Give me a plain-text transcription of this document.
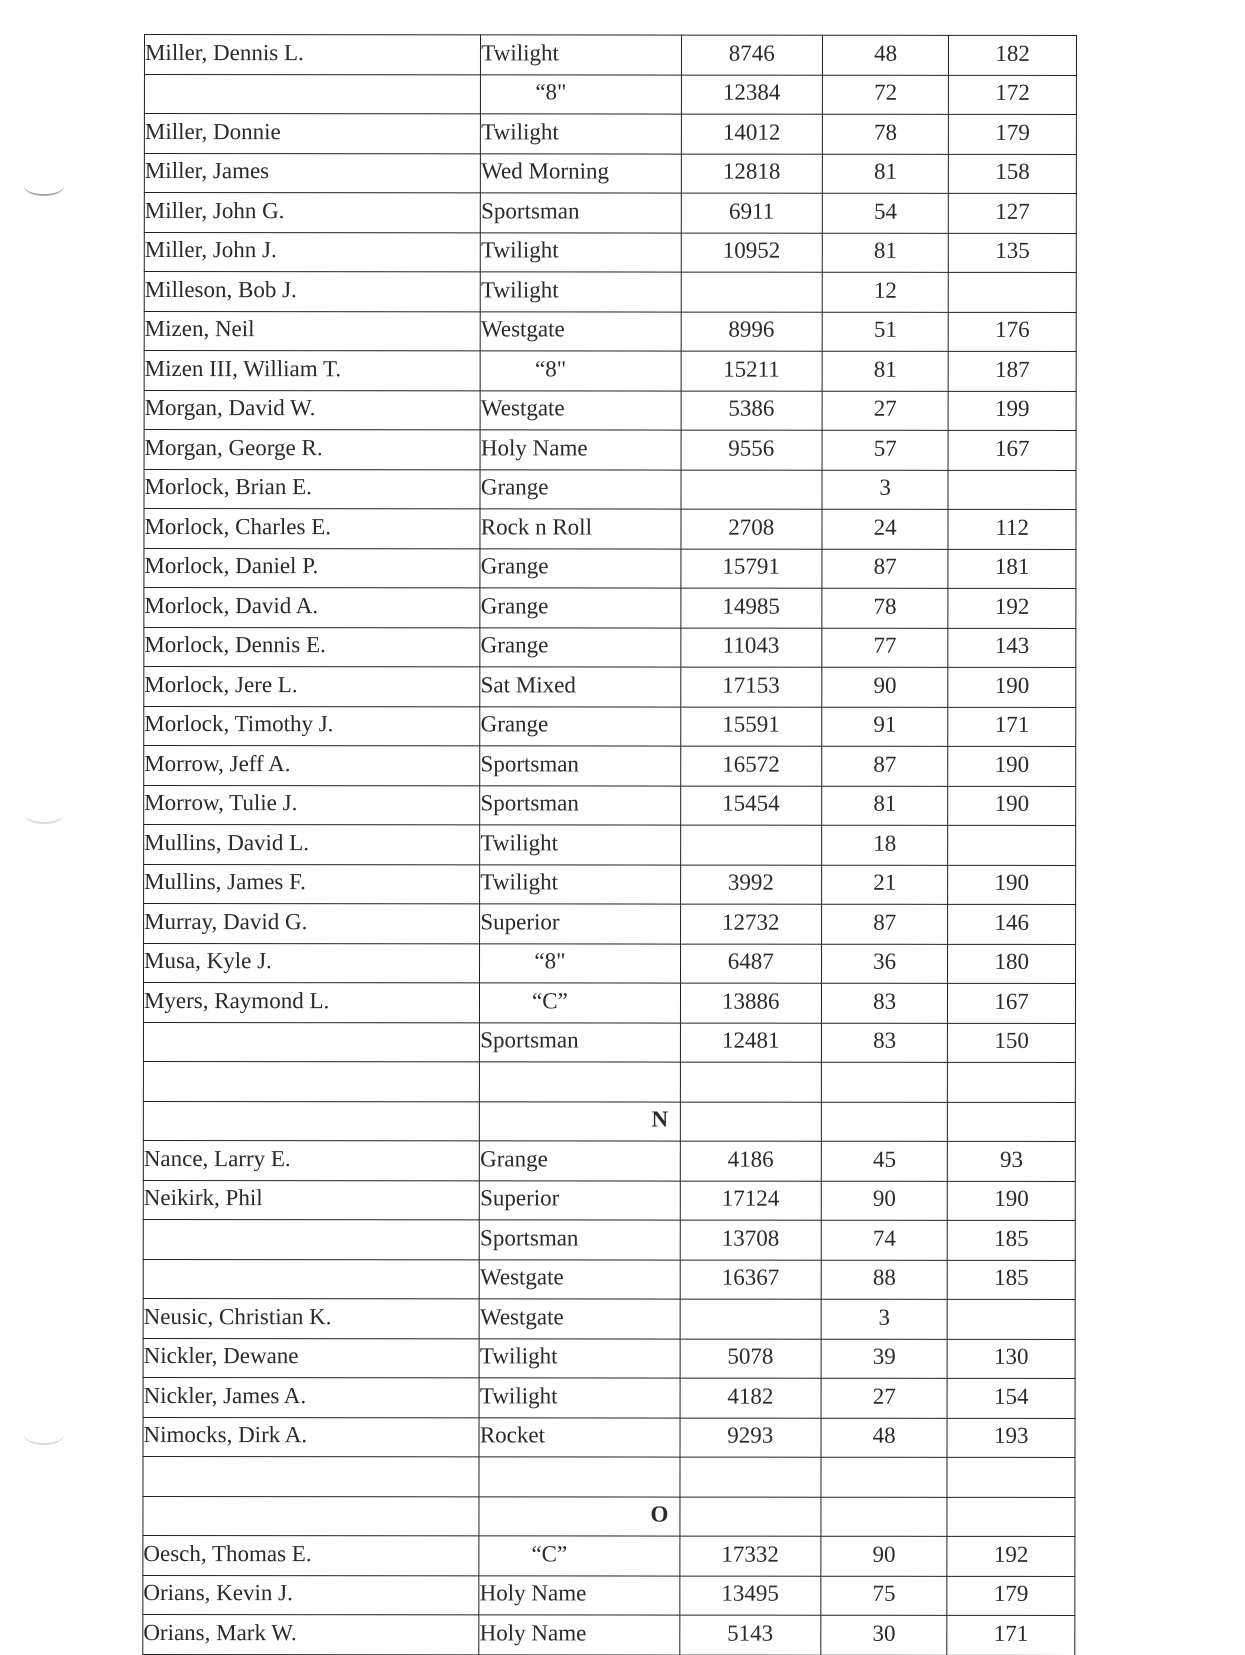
Miller, Dennis L.	Twilight	8746	48	182
	“8"	12384	72	172
Miller, Donnie	Twilight	14012	78	179
Miller, James	Wed Morning	12818	81	158
Miller, John G.	Sportsman	6911	54	127
Miller, John J.	Twilight	10952	81	135
Milleson, Bob J.	Twilight		12	
Mizen, Neil	Westgate	8996	51	176
Mizen III, William T.	“8"	15211	81	187
Morgan, David W.	Westgate	5386	27	199
Morgan, George R.	Holy Name	9556	57	167
Morlock, Brian E.	Grange		3	
Morlock, Charles E.	Rock n Roll	2708	24	112
Morlock, Daniel P.	Grange	15791	87	181
Morlock, David A.	Grange	14985	78	192
Morlock, Dennis E.	Grange	11043	77	143
Morlock, Jere L.	Sat Mixed	17153	90	190
Morlock, Timothy J.	Grange	15591	91	171
Morrow, Jeff A.	Sportsman	16572	87	190
Morrow, Tulie J.	Sportsman	15454	81	190
Mullins, David L.	Twilight		18	
Mullins, James F.	Twilight	3992	21	190
Murray, David G.	Superior	12732	87	146
Musa, Kyle J.	“8"	6487	36	180
Myers, Raymond L.	“C”	13886	83	167
	Sportsman	12481	83	150

	N			
Nance, Larry E.	Grange	4186	45	93
Neikirk, Phil	Superior	17124	90	190
	Sportsman	13708	74	185
	Westgate	16367	88	185
Neusic, Christian K.	Westgate		3	
Nickler, Dewane	Twilight	5078	39	130
Nickler, James A.	Twilight	4182	27	154
Nimocks, Dirk A.	Rocket	9293	48	193

	O			
Oesch, Thomas E.	“C”	17332	90	192
Orians, Kevin J.	Holy Name	13495	75	179
Orians, Mark W.	Holy Name	5143	30	171
